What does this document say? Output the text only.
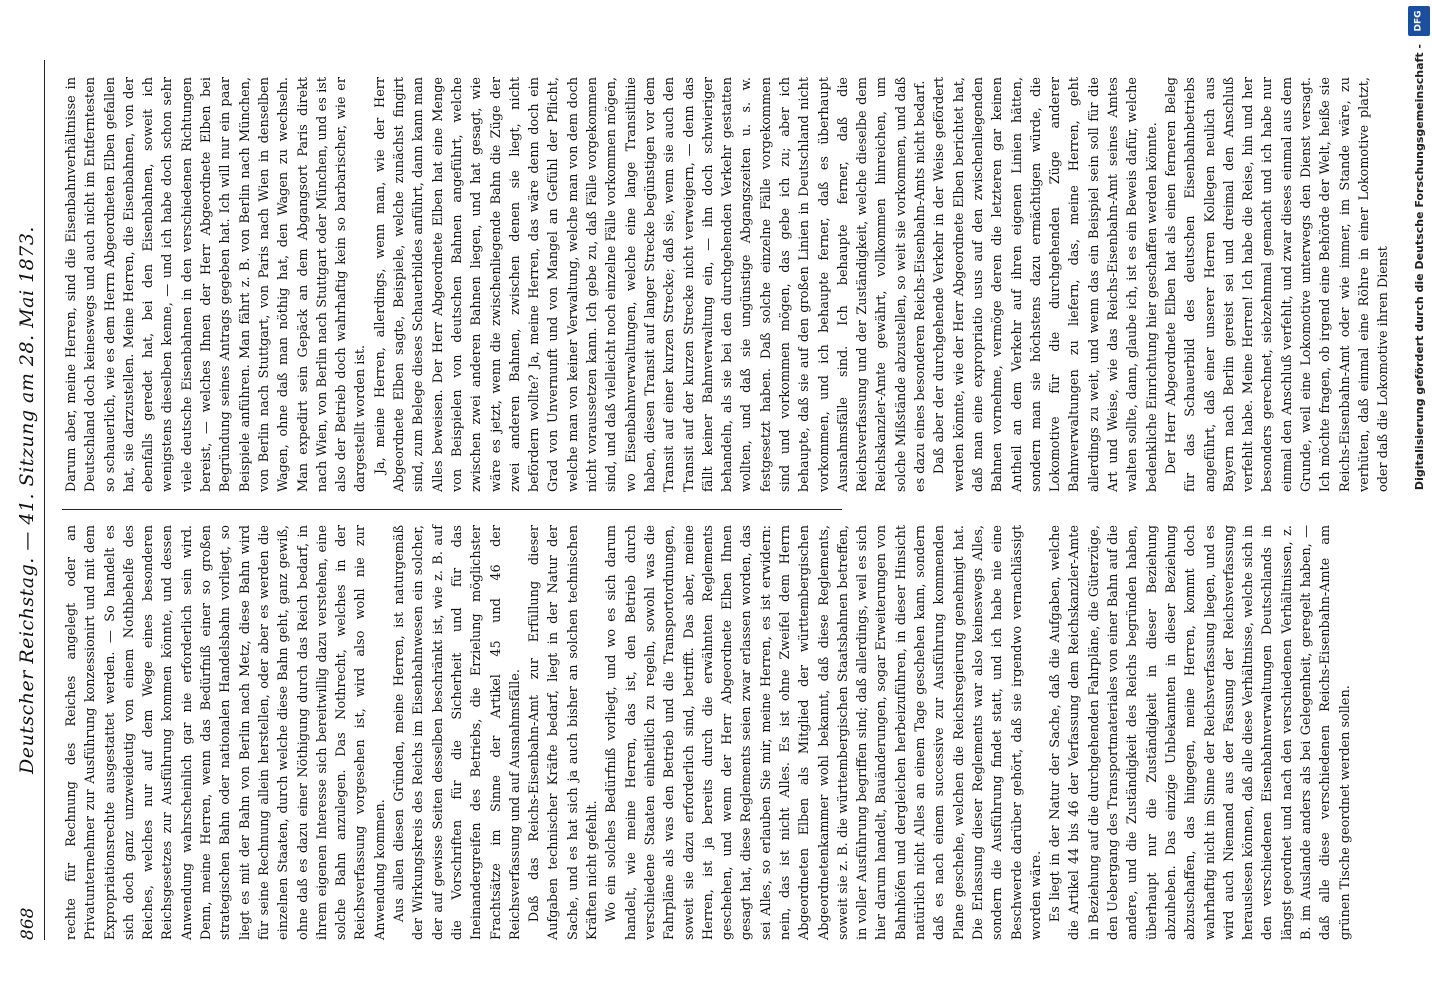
868
Deutscher Reichstag. — 41. Sitzung am 28. Mai 1873. rechte für Rechnung des Reiches angelegt oder an Privatunternehmer zur Ausführung konzessionirt und mit dem Expropriationsrechte ausgestattet werden. — So handelt es sich doch ganz unzweideutig von einem Nothbehelfe des Reiches, welches nur auf dem Wege eines besonderen Reichsgesetzes zur Ausführung kommen könnte, und dessen Anwendung wahrscheinlich gar nie erforderlich sein wird. Denn, meine Herren, wenn das Bedürfniß einer so großen strategischen Bahn oder nationalen Handelsbahn vorliegt, so liegt es mit der Bahn von Berlin nach Metz, diese Bahn wird für seine Rechnung allein herstellen, oder aber es werden die einzelnen Staaten, durch welche diese Bahn geht, ganz gewiß, ohne daß es dazu einer Nöthigung durch das Reich bedarf, in ihrem eigenen Interesse sich bereitwillig dazu verstehen, eine solche Bahn anzulegen. Das Nothrecht, welches in der Reichsverfassung vorgesehen ist, wird also wohl nie zur Anwendung kommen. Aus allen diesen Gründen, meine Herren, ist naturgemäß der Wirkungskreis des Reichs im Eisenbahnwesen ein solcher, der auf gewisse Seiten desselben beschränkt ist, wie z. B. auf die Vorschriften für die Sicherheit und für das Ineinandergreifen des Betriebs, die Erzielung möglichster Frachtsätze im Sinne der Artikel 45 und 46 der Reichsverfassung und auf Ausnahmsfälle. Daß das Reichs-Eisenbahn-Amt zur Erfüllung dieser Aufgaben technischer Kräfte bedarf, liegt in der Natur der Sache, und es hat sich ja auch bisher an solchen technischen Kräften nicht gefehlt. Wo ein solches Bedürfniß vorliegt, und wo es sich darum handelt, wie meine Herren, das ist, den Betrieb durch verschiedene Staaten einheitlich zu regeln, sowohl was die Fahrpläne als was den Betrieb und die Transportordnungen, soweit sie dazu erforderlich sind, betrifft. Das aber, meine Herren, ist ja bereits durch die erwähnten Reglements geschehen, und wenn der Herr Abgeordnete Elben Ihnen gesagt hat, diese Reglements seien zwar erlassen worden, das sei Alles, so erlauben Sie mir, meine Herren, es ist erwidern: nein, das ist nicht Alles. Es ist ohne Zweifel dem Herrn Abgeordneten Elben als Mitglied der württembergischen Abgeordnetenkammer wohl bekannt, daß diese Reglements, soweit sie z. B. die württembergischen Staatsbahnen betreffen, in voller Ausführung begriffen sind; daß allerdings, weil es sich hier darum handelt, Bauänderungen, sogar Erweiterungen von Bahnhöfen und dergleichen herbeizuführen, in dieser Hinsicht natürlich nicht Alles an einem Tage geschehen kann, sondern daß es nach einem successive zur Ausführung kommenden Plane geschehe, welchen die Reichsregierung genehmigt hat. Die Erlassung dieser Reglements war also keineswegs Alles, sondern die Ausführung findet statt, und ich habe nie eine Beschwerde darüber gehört, daß sie irgendwo vernachlässigt worden wäre. Es liegt in der Natur der Sache, daß die Aufgaben, welche die Artikel 44 bis 46 der Verfassung dem Reichskanzler-Amte in Beziehung auf die durchgehenden Fahrpläne, die Güterzüge, den Uebergang des Transportmateriales von einer Bahn auf die andere, und die Zuständigkeit des Reichs begründen haben, überhaupt nur die Zuständigkeit in dieser Beziehung abzuheben. Das einzige Unbekannten in dieser Beziehung abzuschaffen, das hingegen, meine Herren, kommt doch wahrhaftig nicht im Sinne der Reichsverfassung liegen, und es wird auch Niemand aus der Fassung der Reichsverfassung herauslesen können, daß alle diese Verhältnisse, welche sich in den verschiedenen Eisenbahnverwaltungen Deutschlands in längst geordnet und nach den verschiedenen Verhältnissen, z. B. im Auslande anders als bei Gelegenheit, geregelt haben, — daß alle diese verschiedenen Reichs-Eisenbahn-Amte am grünen Tische geordnet werden sollen.

Darum aber, meine Herren, sind die Eisenbahnverhältnisse in Deutschland doch keineswegs und auch nicht im Entferntesten so schauerlich, wie es dem Herrn Abgeordneten Elben gefallen hat, sie darzustellen. Meine Herren, die Eisenbahnen, von der ebenfalls geredet hat, bei den Eisenbahnen, soweit ich wenigstens dieselben kenne, — und ich habe doch schon sehr viele deutsche Eisenbahnen in den verschiedenen Richtungen bereist, — welches Ihnen der Herr Abgeordnete Elben bei Begründung seines Antrags gegeben hat. Ich will nur ein paar Beispiele anführen. Man fährt z. B. von Berlin nach München, von Berlin nach Stuttgart, von Paris nach Wien in denselben Wagen, ohne daß man nöthig hat, den Wagen zu wechseln. Man expedirt sein Gepäck an dem Abgangsort Paris direkt nach Wien, von Berlin nach Stuttgart oder München, und es ist also der Betrieb doch wahrhaftig kein so barbarischer, wie er dargestellt worden ist. Ja, meine Herren, allerdings, wenn man, wie der Herr Abgeordnete Elben sagte, Beispiele, welche zunächst fingirt sind, zum Belege dieses Schauerbildes anführt, dann kann man Alles beweisen. Der Herr Abgeordnete Elben hat eine Menge von Beispielen von deutschen Bahnen angeführt, welche zwischen zwei anderen Bahnen liegen, und hat gesagt, wie wäre es jetzt, wenn die zwischenliegende Bahn die Züge der zwei anderen Bahnen, zwischen denen sie liegt, nicht befördern wollte? Ja, meine Herren, das wäre denn doch ein Grad von Unvernunft und von Mangel an Gefühl der Pflicht, welche man von keiner Verwaltung, welche man von dem doch nicht voraussetzen kann. Ich gebe zu, daß Fälle vorgekommen sind, und daß vielleicht noch einzelne Fälle vorkommen mögen, wo Eisenbahnverwaltungen, welche eine lange Transitlinie haben, diesen Transit auf langer Strecke begünstigen vor dem Transit auf einer kurzen Strecke; daß sie, wenn sie auch den Transit auf der kurzen Strecke nicht verweigern, — denn das fällt keiner Bahnverwaltung ein, — ihn doch schwieriger behandeln, als sie bei den durchgehenden Verkehr gestatten wollten, und daß sie ungünstige Abgangszeiten u. s. w. festgesetzt haben. Daß solche einzelne Fälle vorgekommen sind und vorkommen mögen, das gebe ich zu; aber ich behaupte, daß sie auf den großen Linien in Deutschland nicht vorkommen, und ich behaupte ferner, daß es überhaupt Ausnahmsfälle sind. Ich behaupte ferner, daß die Reichsverfassung und der Zuständigkeit, welche dieselbe dem Reichskanzler-Amte gewährt, vollkommen hinreichen, um solche Mißstände abzustellen, so weit sie vorkommen, und daß es dazu eines besonderen Reichs-Eisenbahn-Amts nicht bedarf. Daß aber der durchgehende Verkehr in der Weise gefördert werden könnte, wie der Herr Abgeordnete Elben berichtet hat, daß man eine expropriatio usus auf den zwischenliegenden Bahnen vornehme, vermöge deren die letzteren gar keinen Antheil an dem Verkehr auf ihren eigenen Linien hätten, sondern man sie höchstens dazu ermächtigen würde, die Lokomotive für die durchgehenden Züge anderer Bahnverwaltungen zu liefern, das, meine Herren, geht allerdings zu weit, und wenn das ein Beispiel sein soll für die Art und Weise, wie das Reichs-Eisenbahn-Amt seines Amtes walten sollte, dann, glaube ich, ist es ein Beweis dafür, welche bedenkliche Einrichtung hier geschaffen werden könnte. Der Herr Abgeordnete Elben hat als einen ferneren Beleg für das Schauerbild des deutschen Eisenbahnbetriebs angeführt, daß einer unserer Herren Kollegen neulich aus Bayern nach Berlin gereist sei und dreimal den Anschluß verfehlt habe. Meine Herren! Ich habe die Reise, hin und her besonders gerechnet, siebzehnmal gemacht und ich habe nur einmal den Anschluß verfehlt, und zwar dieses einmal aus dem Grunde, weil eine Lokomotive unterwegs den Dienst versagt. Ich möchte fragen, ob irgend eine Behörde der Welt, heiße sie Reichs-Eisenbahn-Amt oder wie immer, im Stande wäre, zu verhüten, daß einmal eine Röhre in einer Lokomotive platzt, oder daß die Lokomotive ihren Dienst

DFG
Digitalisierung gefördert durch die Deutsche Forschungsgemeinschaft -
